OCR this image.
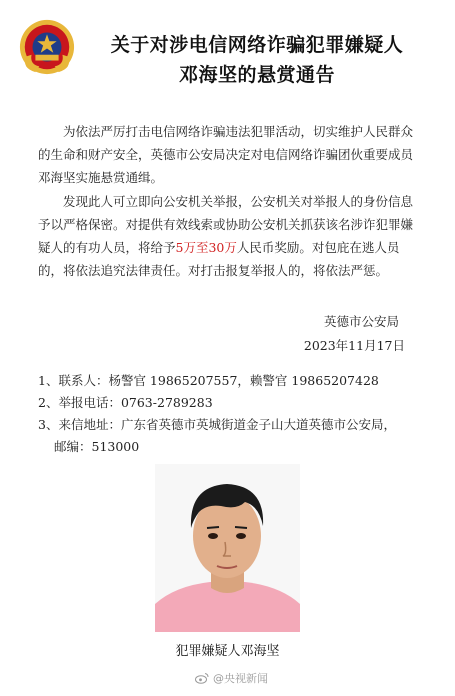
关于对涉电信网络诈骗犯罪嫌疑人
邓海坚的悬赏通告

为依法严厉打击电信网络诈骗违法犯罪活动，切实维护人民群众的生命和财产安全，英德市公安局决定对电信网络诈骗团伙重要成员邓海坚实施悬赏通缉。

发现此人可立即向公安机关举报，公安机关对举报人的身份信息予以严格保密。对提供有效线索或协助公安机关抓获该名涉诈犯罪嫌疑人的有功人员，将给予5万至30万人民币奖励。对包庇在逃人员的，将依法追究法律责任。对打击报复举报人的，将依法严惩。

英德市公安局
2023年11月17日
1、联系人：杨警官 19865207557，赖警官 19865207428
2、举报电话：0763-2789283
3、来信地址：广东省英德市英城街道金子山大道英德市公安局，
邮编：513000
犯罪嫌疑人邓海坚
@央视新闻
